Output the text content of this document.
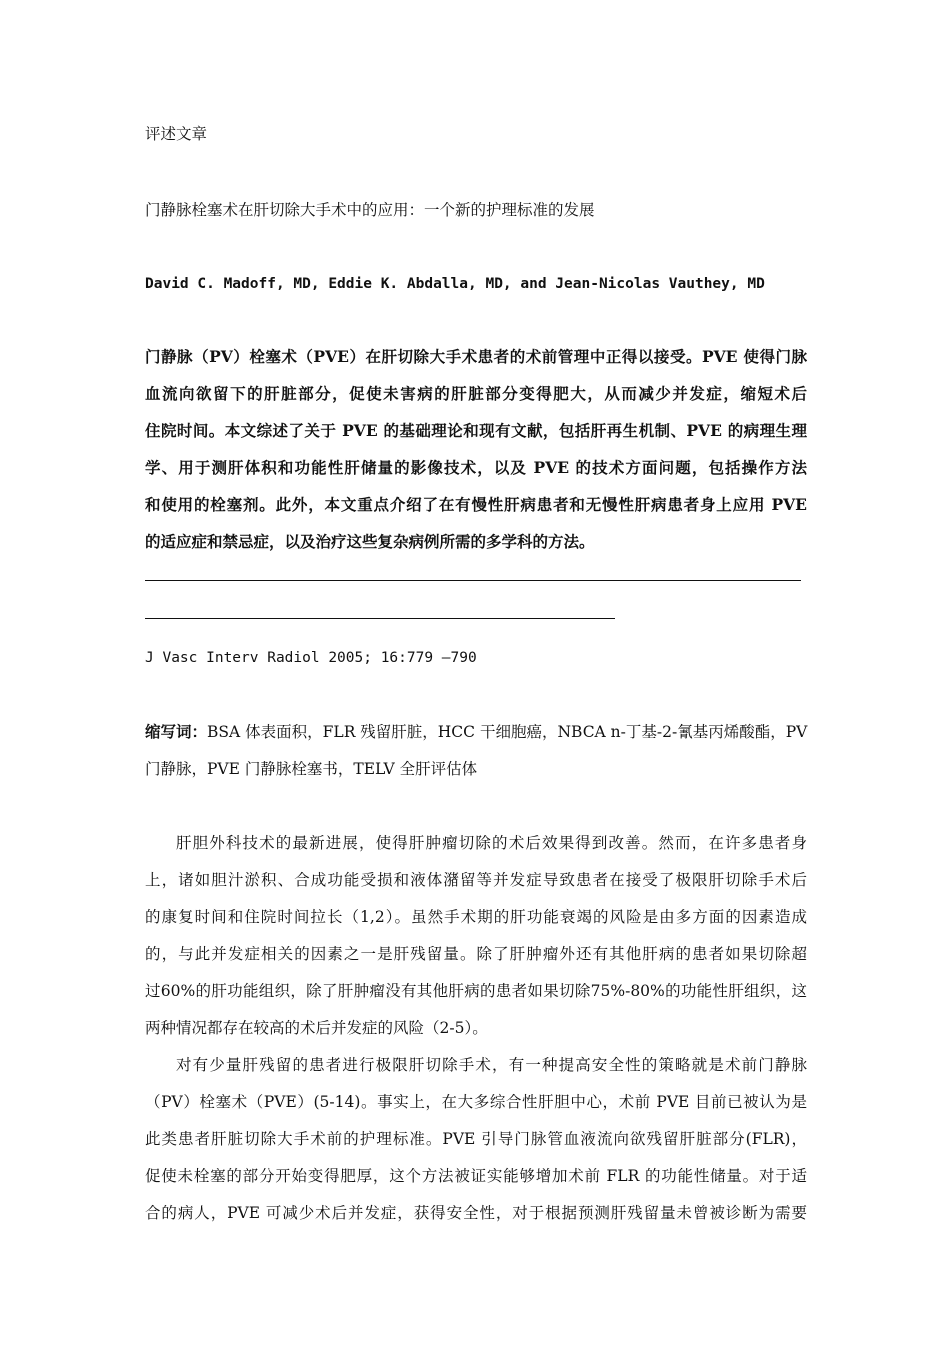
评述文章
门静脉栓塞术在肝切除大手术中的应用：一个新的护理标准的发展
David C. Madoff, MD, Eddie K. Abdalla, MD, and Jean-Nicolas Vauthey, MD
门静脉（PV）栓塞术（PVE）在肝切除大手术患者的术前管理中正得以接受。PVE 使得门脉
血流向欲留下的肝脏部分，促使未害病的肝脏部分变得肥大，从而减少并发症，缩短术后
住院时间。本文综述了关于 PVE 的基础理论和现有文献，包括肝再生机制、PVE 的病理生理
学、用于测肝体积和功能性肝储量的影像技术，以及 PVE 的技术方面问题，包括操作方法
和使用的栓塞剂。此外，本文重点介绍了在有慢性肝病患者和无慢性肝病患者身上应用 PVE
的适应症和禁忌症，以及治疗这些复杂病例所需的多学科的方法。
J Vasc Interv Radiol 2005; 16:779 –790
缩写词：BSA 体表面积，FLR 残留肝脏，HCC 干细胞癌，NBCA n-丁基-2-氰基丙烯酸酯，PV
门静脉，PVE 门静脉栓塞书，TELV 全肝评估体
肝胆外科技术的最新进展，使得肝肿瘤切除的术后效果得到改善。然而，在许多患者身
上，诸如胆汁淤积、合成功能受损和液体潴留等并发症导致患者在接受了极限肝切除手术后
的康复时间和住院时间拉长（1,2）。虽然手术期的肝功能衰竭的风险是由多方面的因素造成
的，与此并发症相关的因素之一是肝残留量。除了肝肿瘤外还有其他肝病的患者如果切除超
过60%的肝功能组织，除了肝肿瘤没有其他肝病的患者如果切除75%-80%的功能性肝组织，这
两种情况都存在较高的术后并发症的风险（2-5）。
对有少量肝残留的患者进行极限肝切除手术，有一种提高安全性的策略就是术前门静脉
（PV）栓塞术（PVE）(5-14)。事实上，在大多综合性肝胆中心，术前 PVE 目前已被认为是
此类患者肝脏切除大手术前的护理标准。PVE 引导门脉管血液流向欲残留肝脏部分(FLR)，
促使未栓塞的部分开始变得肥厚，这个方法被证实能够增加术前 FLR 的功能性储量。对于适
合的病人，PVE 可减少术后并发症，获得安全性，对于根据预测肝残留量未曾被诊断为需要
